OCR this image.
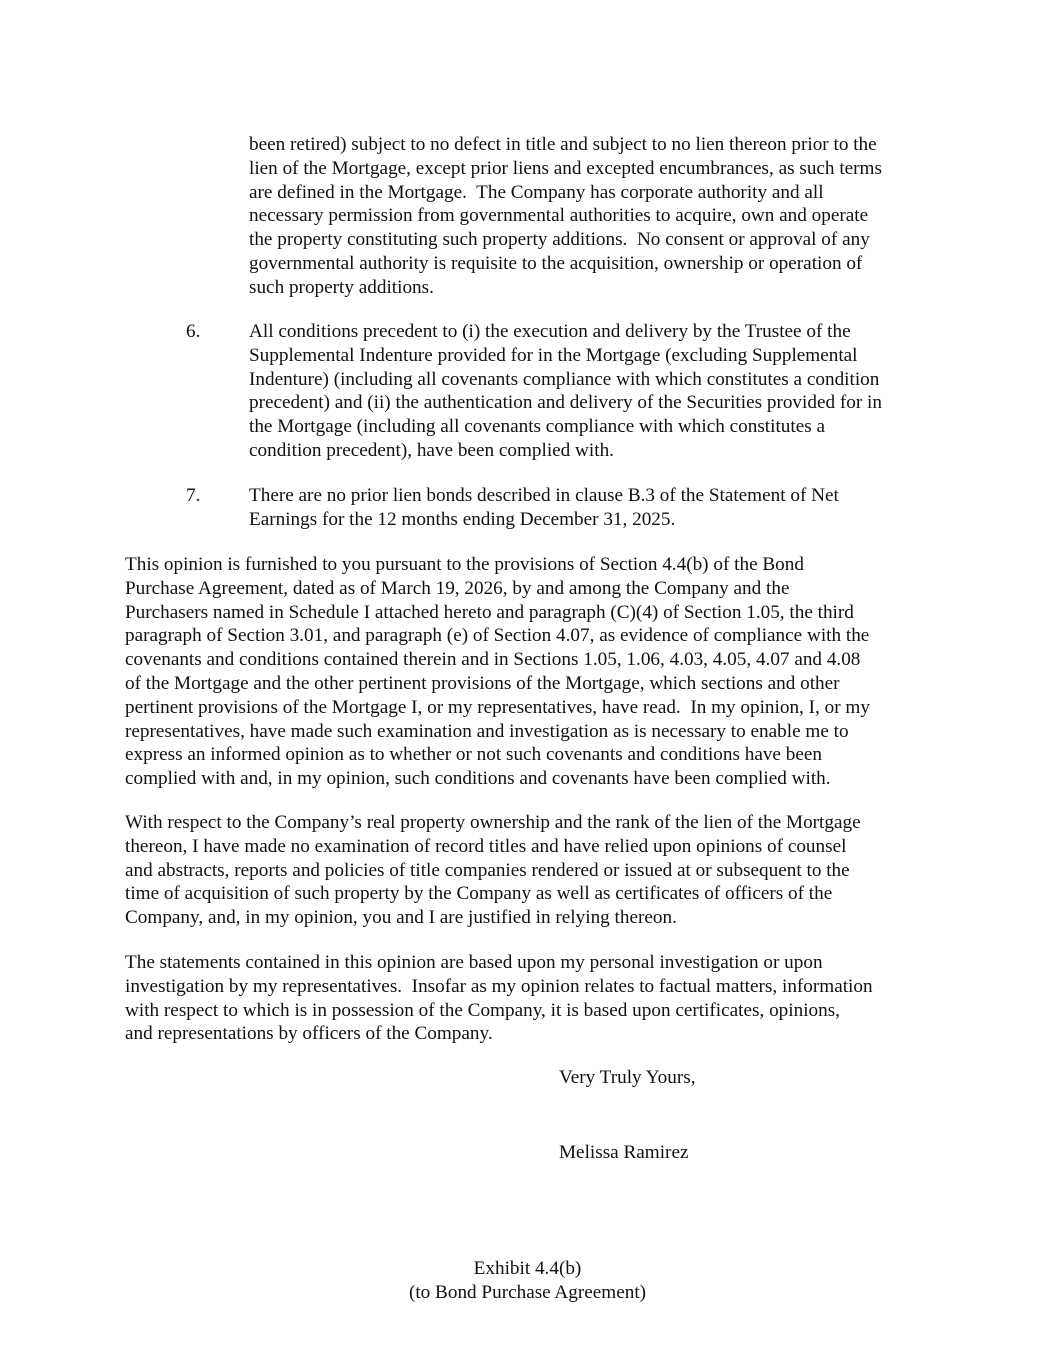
been retired) subject to no defect in title and subject to no lien thereon prior to the
lien of the Mortgage, except prior liens and excepted encumbrances, as such terms
are defined in the Mortgage.  The Company has corporate authority and all
necessary permission from governmental authorities to acquire, own and operate
the property constituting such property additions.  No consent or approval of any
governmental authority is requisite to the acquisition, ownership or operation of
such property additions.
6.	All conditions precedent to (i) the execution and delivery by the Trustee of the
Supplemental Indenture provided for in the Mortgage (excluding Supplemental
Indenture) (including all covenants compliance with which constitutes a condition
precedent) and (ii) the authentication and delivery of the Securities provided for in
the Mortgage (including all covenants compliance with which constitutes a
condition precedent), have been complied with.
7.	There are no prior lien bonds described in clause B.3 of the Statement of Net
Earnings for the 12 months ending December 31, 2025.
This opinion is furnished to you pursuant to the provisions of Section 4.4(b) of the Bond
Purchase Agreement, dated as of March 19, 2026, by and among the Company and the
Purchasers named in Schedule I attached hereto and paragraph (C)(4) of Section 1.05, the third
paragraph of Section 3.01, and paragraph (e) of Section 4.07, as evidence of compliance with the
covenants and conditions contained therein and in Sections 1.05, 1.06, 4.03, 4.05, 4.07 and 4.08
of the Mortgage and the other pertinent provisions of the Mortgage, which sections and other
pertinent provisions of the Mortgage I, or my representatives, have read.  In my opinion, I, or my
representatives, have made such examination and investigation as is necessary to enable me to
express an informed opinion as to whether or not such covenants and conditions have been
complied with and, in my opinion, such conditions and covenants have been complied with.
With respect to the Company’s real property ownership and the rank of the lien of the Mortgage
thereon, I have made no examination of record titles and have relied upon opinions of counsel
and abstracts, reports and policies of title companies rendered or issued at or subsequent to the
time of acquisition of such property by the Company as well as certificates of officers of the
Company, and, in my opinion, you and I are justified in relying thereon.
The statements contained in this opinion are based upon my personal investigation or upon
investigation by my representatives.  Insofar as my opinion relates to factual matters, information
with respect to which is in possession of the Company, it is based upon certificates, opinions,
and representations by officers of the Company.
Very Truly Yours,
Melissa Ramirez
Exhibit 4.4(b)
(to Bond Purchase Agreement)
